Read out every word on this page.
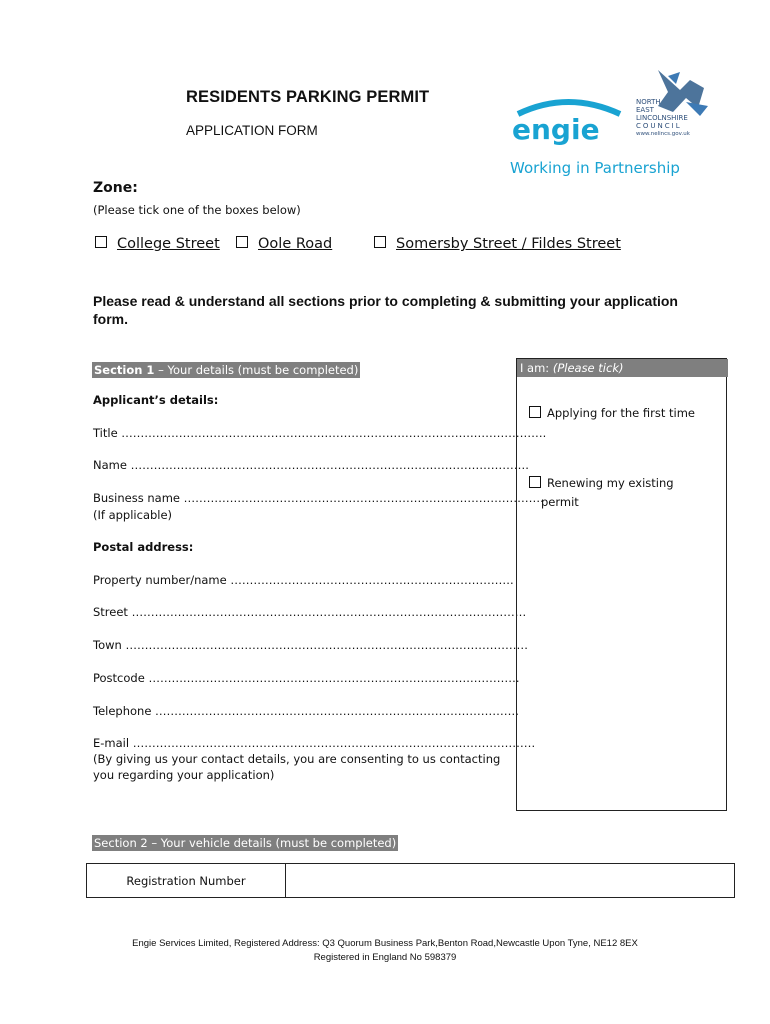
RESIDENTS PARKING PERMIT
APPLICATION FORM	engie
NORTH
EAST
LINCOLNSHIRE
COUNCIL
www.nelincs.gov.uk
Working in Partnership
Zone:
(Please tick one of the boxes below)
College Street	Oole Road	Somersby Street / Fildes Street
Please read & understand all sections prior to completing & submitting your application form.
Section 1 – Your details (must be completed)
Applicant’s details:
Title ………………………………………………………………………………..……………….
Name …………………………………………………………………….…………………….
Business name ………………………………………………………………………………….
(If applicable)
Postal address:
Property number/name ……………………………………….……………………….
Street ……………………………………………….…………………………………………
Town ……………………………………………………………………………………………
Postcode ……….………………………………………………………….…….………….
Telephone ………………………………….……………………………………………….
E-mail ……………………………………………………………………………………………
(By giving us your contact details, you are consenting to us contacting
you regarding your application)
I am: (Please tick)
Applying for the first time
Renewing my existing
permit
Section 2 – Your vehicle details (must be completed)
Registration Number
Engie Services Limited, Registered Address: Q3 Quorum Business Park,Benton Road,Newcastle Upon Tyne, NE12 8EX
Registered in England No 598379
